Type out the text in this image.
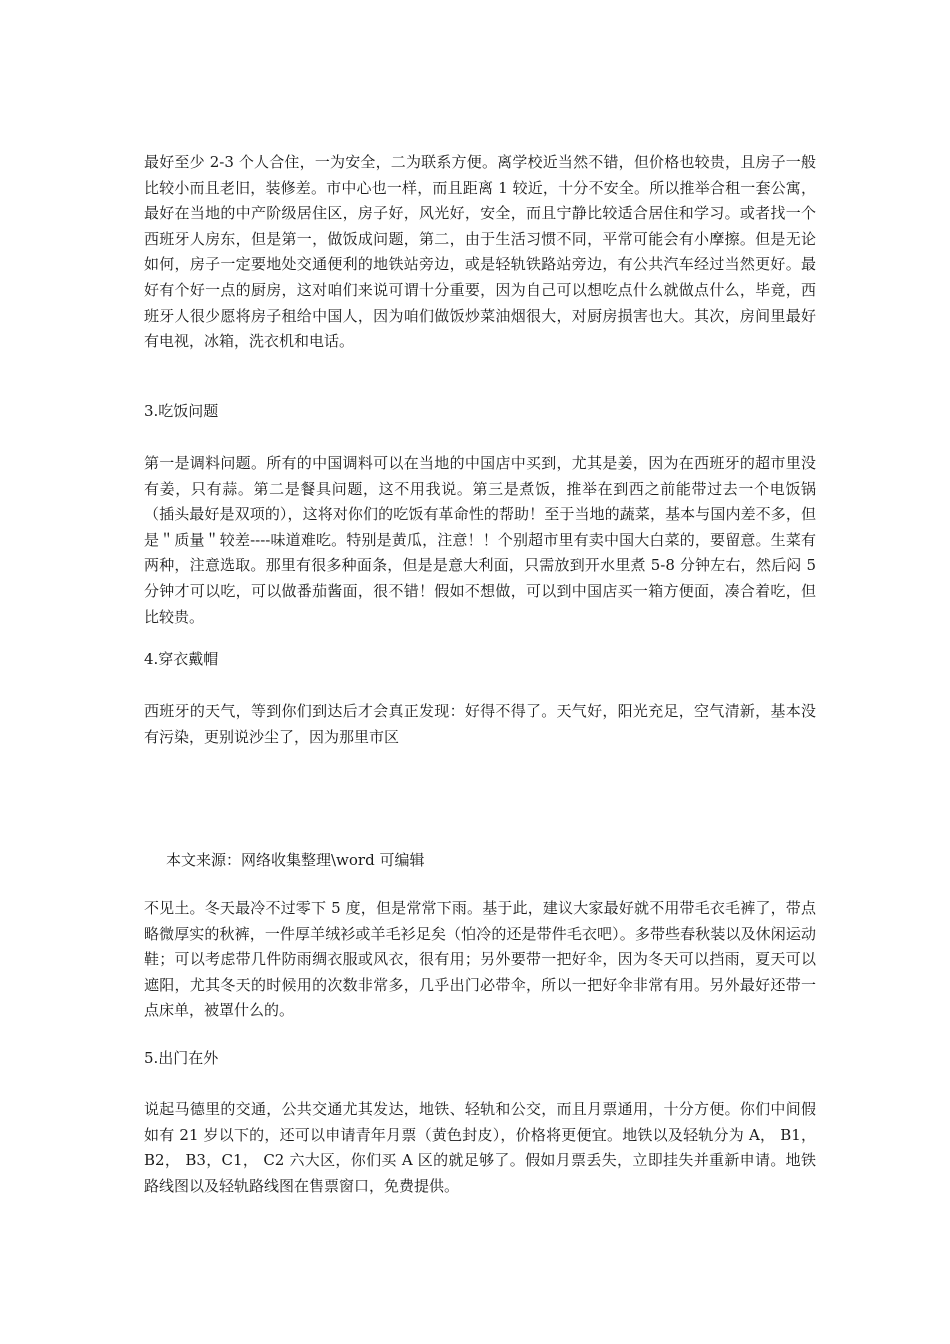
最好至少 2-3 个人合住，一为安全，二为联系方便。离学校近当然不错，但价格也较贵，且房子一般比较小而且老旧，装修差。市中心也一样，而且距离 1 较近，十分不安全。所以推举合租一套公寓，最好在当地的中产阶级居住区，房子好，风光好，安全，而且宁静比较适合居住和学习。或者找一个西班牙人房东，但是第一，做饭成问题，第二，由于生活习惯不同，平常可能会有小摩擦。但是无论如何，房子一定要地处交通便利的地铁站旁边，或是轻轨铁路站旁边，有公共汽车经过当然更好。最好有个好一点的厨房，这对咱们来说可谓十分重要，因为自己可以想吃点什么就做点什么，毕竟，西班牙人很少愿将房子租给中国人，因为咱们做饭炒菜油烟很大，对厨房损害也大。其次，房间里最好有电视，冰箱，洗衣机和电话。

3.吃饭问题

第一是调料问题。所有的中国调料可以在当地的中国店中买到，尤其是姜，因为在西班牙的超市里没有姜，只有蒜。第二是餐具问题，这不用我说。第三是煮饭，推举在到西之前能带过去一个电饭锅（插头最好是双项的），这将对你们的吃饭有革命性的帮助！至于当地的蔬菜，基本与国内差不多，但是＂质量＂较差----味道难吃。特别是黄瓜，注意！！个别超市里有卖中国大白菜的，要留意。生菜有两种，注意选取。那里有很多种面条，但是是意大利面，只需放到开水里煮 5-8 分钟左右，然后闷 5 分钟才可以吃，可以做番茄酱面，很不错！假如不想做，可以到中国店买一箱方便面，凑合着吃，但比较贵。

4.穿衣戴帽

西班牙的天气，等到你们到达后才会真正发现：好得不得了。天气好，阳光充足，空气清新，基本没有污染，更别说沙尘了，因为那里市区

本文来源：网络收集整理\word 可编辑

不见土。冬天最冷不过零下 5 度，但是常常下雨。基于此，建议大家最好就不用带毛衣毛裤了，带点略微厚实的秋裤，一件厚羊绒衫或羊毛衫足矣（怕冷的还是带件毛衣吧）。多带些春秋装以及休闲运动鞋；可以考虑带几件防雨绸衣服或风衣，很有用；另外要带一把好伞，因为冬天可以挡雨，夏天可以遮阳，尤其冬天的时候用的次数非常多，几乎出门必带伞，所以一把好伞非常有用。另外最好还带一点床单，被罩什么的。

5.出门在外

说起马德里的交通，公共交通尤其发达，地铁、轻轨和公交，而且月票通用，十分方便。你们中间假如有 21 岁以下的，还可以申请青年月票（黄色封皮），价格将更便宜。地铁以及轻轨分为 A， B1， B2， B3，C1， C2 六大区，你们买 A 区的就足够了。假如月票丢失，立即挂失并重新申请。地铁路线图以及轻轨路线图在售票窗口，免费提供。
